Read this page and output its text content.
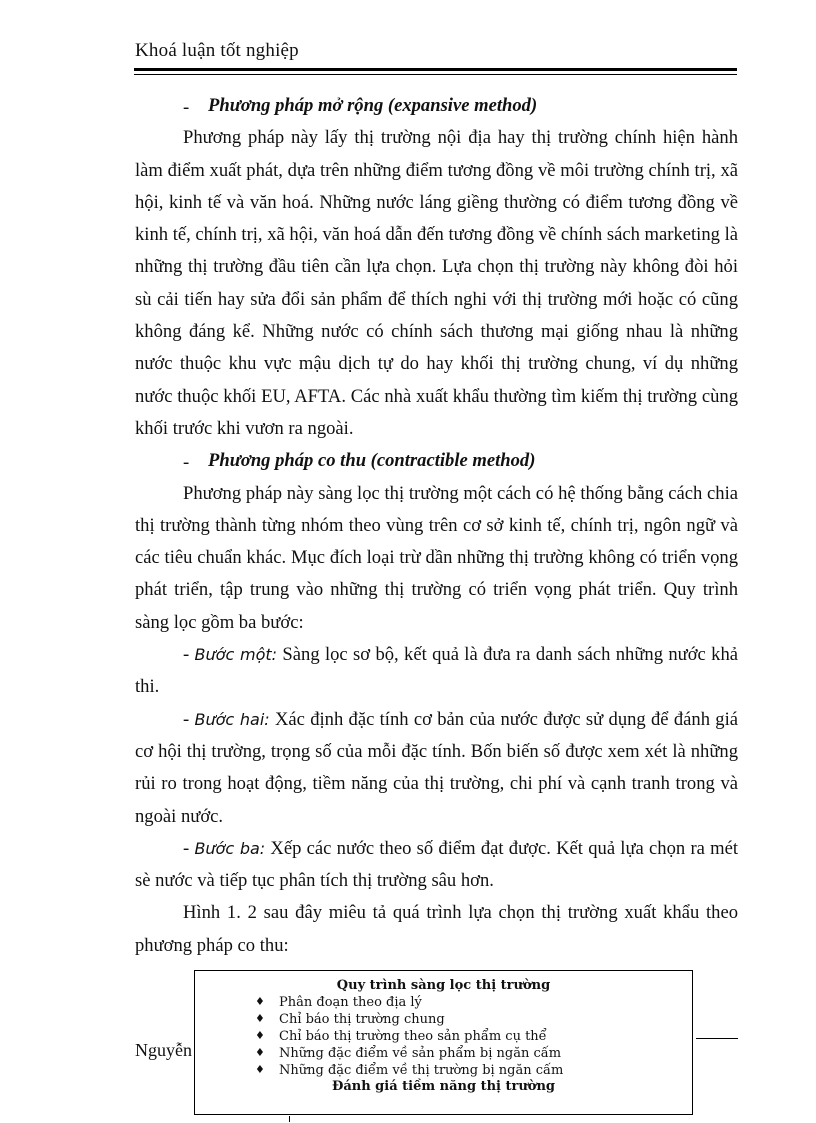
Khoá luận tốt nghiệp

- Phương pháp mở rộng (expansive method)

Phương pháp này lấy thị trường nội địa hay thị trường chính hiện hành làm điểm xuất phát, dựa trên những điểm tương đồng về môi trường chính trị, xã hội, kinh tế và văn hoá. Những nước láng giềng thường có điểm tương đồng về kinh tế, chính trị, xã hội, văn hoá dẫn đến tương đồng về chính sách marketing là những thị trường đầu tiên cần lựa chọn. Lựa chọn thị trường này không đòi hỏi sù cải tiến hay sửa đổi sản phẩm để thích nghi với thị trường mới hoặc có cũng không đáng kể. Những nước có chính sách thương mại giống nhau là những nước thuộc khu vực mậu dịch tự do hay khối thị trường chung, ví dụ những nước thuộc khối EU, AFTA. Các nhà xuất khẩu thường tìm kiếm thị trường cùng khối trước khi vươn ra ngoài.

- Phương pháp co thu (contractible method)

Phương pháp này sàng lọc thị trường một cách có hệ thống bằng cách chia thị trường thành từng nhóm theo vùng trên cơ sở kinh tế, chính trị, ngôn ngữ và các tiêu chuẩn khác. Mục đích loại trừ dần những thị trường không có triển vọng phát triển, tập trung vào những thị trường có triển vọng phát triển. Quy trình sàng lọc gồm ba bước:

- Bước một: Sàng lọc sơ bộ, kết quả là đưa ra danh sách những nước khả thi.

- Bước hai: Xác định đặc tính cơ bản của nước được sử dụng để đánh giá cơ hội thị trường, trọng số của mỗi đặc tính. Bốn biến số được xem xét là những rủi ro trong hoạt động, tiềm năng của thị trường, chi phí và cạnh tranh trong và ngoài nước.

- Bước ba: Xếp các nước theo số điểm đạt được. Kết quả lựa chọn ra mét sè nước và tiếp tục phân tích thị trường sâu hơn.

Hình 1. 2 sau đây miêu tả quá trình lựa chọn thị trường xuất khẩu theo phương pháp co thu:

Nguyễn
Quy trình sàng lọc thị trường
♦ Phân đoạn theo địa lý
♦ Chỉ báo thị trường chung
♦ Chỉ báo thị trường theo sản phẩm cụ thể
♦ Những đặc điểm về sản phẩm bị ngăn cấm
♦ Những đặc điểm về thị trường bị ngăn cấm
Đánh giá tiềm năng thị trường
